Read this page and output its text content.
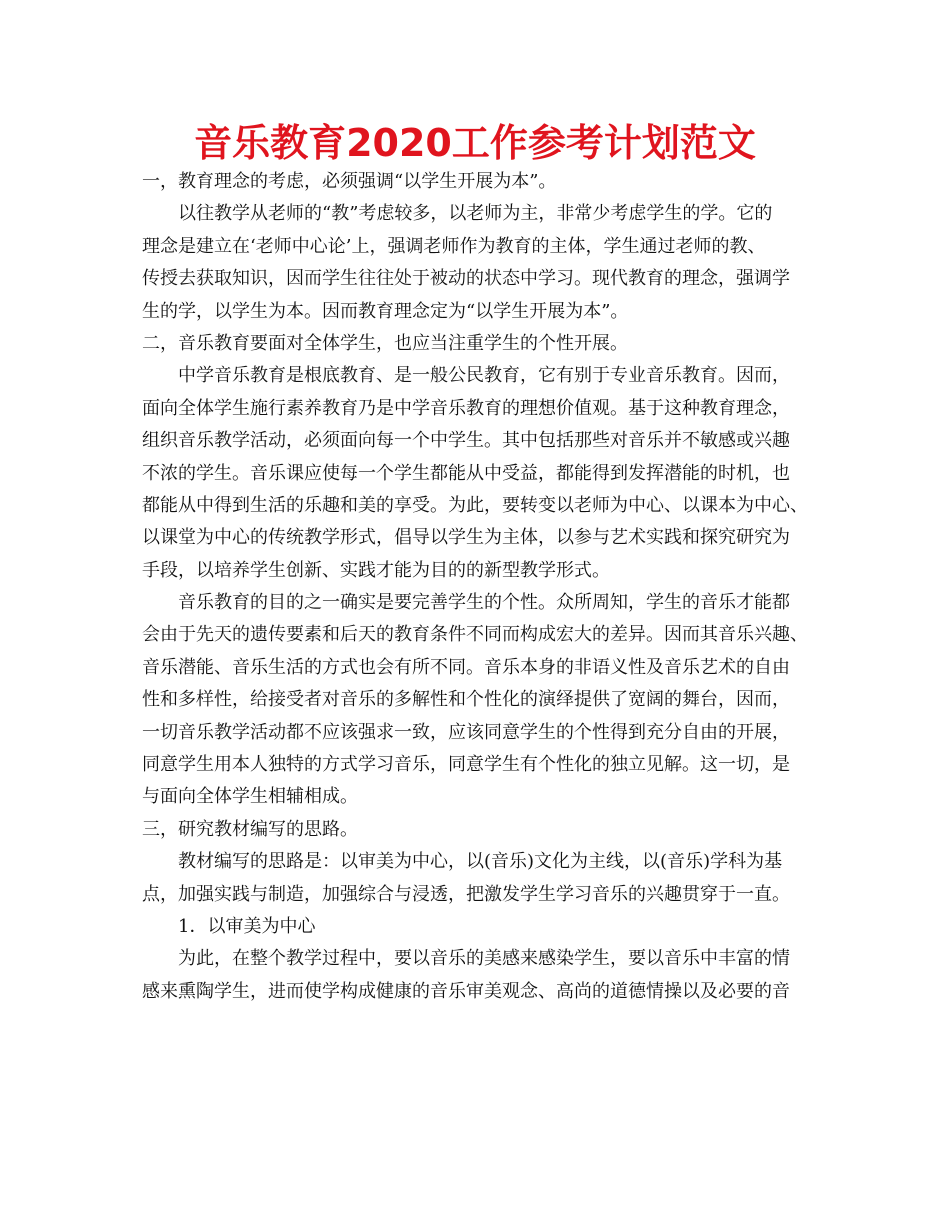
音乐教育2020工作参考计划范文
一，教育理念的考虑，必须强调“以学生开展为本”。
以往教学从老师的“教”考虑较多，以老师为主，非常少考虑学生的学。它的
理念是建立在‘老师中心论’上，强调老师作为教育的主体，学生通过老师的教、
传授去获取知识，因而学生往往处于被动的状态中学习。现代教育的理念，强调学
生的学，以学生为本。因而教育理念定为“以学生开展为本”。
二，音乐教育要面对全体学生，也应当注重学生的个性开展。
中学音乐教育是根底教育、是一般公民教育，它有别于专业音乐教育。因而，
面向全体学生施行素养教育乃是中学音乐教育的理想价值观。基于这种教育理念，
组织音乐教学活动，必须面向每一个中学生。其中包括那些对音乐并不敏感或兴趣
不浓的学生。音乐课应使每一个学生都能从中受益，都能得到发挥潜能的时机，也
都能从中得到生活的乐趣和美的享受。为此，要转变以老师为中心、以课本为中心、
以课堂为中心的传统教学形式，倡导以学生为主体，以参与艺术实践和探究研究为
手段，以培养学生创新、实践才能为目的的新型教学形式。
音乐教育的目的之一确实是要完善学生的个性。众所周知，学生的音乐才能都
会由于先天的遗传要素和后天的教育条件不同而构成宏大的差异。因而其音乐兴趣、
音乐潜能、音乐生活的方式也会有所不同。音乐本身的非语义性及音乐艺术的自由
性和多样性，给接受者对音乐的多解性和个性化的演绎提供了宽阔的舞台，因而，
一切音乐教学活动都不应该强求一致，应该同意学生的个性得到充分自由的开展，
同意学生用本人独特的方式学习音乐，同意学生有个性化的独立见解。这一切，是
与面向全体学生相辅相成。
三，研究教材编写的思路。
教材编写的思路是：以审美为中心，以(音乐)文化为主线，以(音乐)学科为基
点，加强实践与制造，加强综合与浸透，把激发学生学习音乐的兴趣贯穿于一直。
1．以审美为中心
为此，在整个教学过程中，要以音乐的美感来感染学生，要以音乐中丰富的情
感来熏陶学生，进而使学构成健康的音乐审美观念、高尚的道德情操以及必要的音
